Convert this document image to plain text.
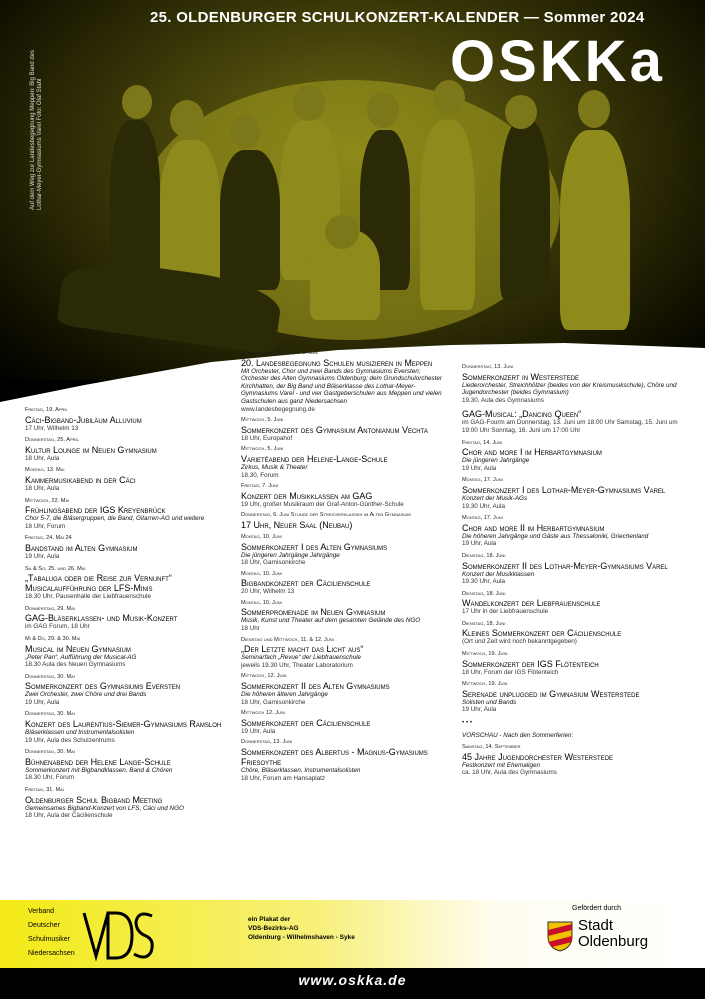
25. OLDENBURGER SCHULKONZERT-KALENDER — Sommer 2024
OSKKa
Auf dem Weg zur Landesbegegnung Meppen: Big Band des Lothar-Meyer-Gymnasiums Varel Foto: Olaf Stahl
Freitag, 19. April
Cäci-Bigband-Jubiläum Alluvium
17 Uhr, Wilhelm 13
Donnerstag, 25. April
Kultur Lounge im Neuen Gymnasium
18 Uhr, Aula
Montag, 13. Mai
Kammermusikabend in der Cäci
18 Uhr, Aula
Mittwoch, 22. Mai
Frühlingsabend der IGS Kreyenbrück
Chor 5-7, die Bläsergruppen, die Band, Gitarren-AG und weitere
18 Uhr, Forum
Freitag, 24. Mai 24
Bandstand im Alten Gymnasium
19 Uhr, Aula
Sa & So, 25. und 26. Mai
„Tabaluga oder die Reise zur Vernunft“ Musicalaufführung der LFS-Minis
18.30 Uhr, Pausenhalle der Liebfrauenschule
Donnerstag, 29. Mai
GAG-Bläserklassen- und Musik-Konzert
im GAG Forum, 18 Uhr
Mi & Do, 29. & 30. Mai
Musical im Neuen Gymnasium
„Peter Pan“, Aufführung der Musical-AG
18.30 Aula des Neuen Gymnasiums
Donnerstag, 30. Mai
Sommerkonzert des Gymnasiums Eversten
Zwei Orchester, zwei Chöre und drei Bands
19 Uhr, Aula
Donnerstag, 30. Mai
Konzert des Laurentius-Siemer-Gymnasiums Ramsloh
Bläserklassen und Instrumentalsolisten
19 Uhr, Aula des Schulzentrums
Donnerstag, 30. Mai
Bühnenabend der Helene Lange-Schule
Sommerkonzert mit Bigbandklassen, Band & Chören
18.30 Uhr, Forum
Freitag, 31. Mai
Oldenburger Schul Bigband Meeting
Gemeinsames Bigband-Konzert von LFS, Cäci und NGO
18 Uhr, Aula der Cäcilienschule
Montag bis Mittwoch, 3.-5. Juni
20. Landesbegegnung Schulen musizieren in Meppen
Mit Orchester, Chor und zwei Bands des Gymnasiums Eversten; Orchester des Alten Gymnasiums Oldenburg; dem Grundschulorchester Kirchhatten, der Big Band und Bläserklasse des Lothar-Meyer-Gymnasiums Varel - und vier Gastgeberschulen aus Meppen und vielen Gastschulen aus ganz Niedersachsen
www.landesbegegnung.de
Mittwoch, 5. Juni
Sommerkonzert des Gymnasium Antonianum Vechta
18 Uhr, Europahof
Mittwoch, 5. Juni
Varietéabend der Helene-Lange-Schule
Zirkus, Musik & Theater
18.30, Forum
Freitag, 7. Juni
Konzert der Musikklassen am GAG
19 Uhr, großer Musikraum der Graf-Anton-Günther-Schule
Donnerstag, 6. Juni Stunde der Streicherklassen im Alten Gymnasium
17 Uhr, Neuer Saal (Neubau)
Montag, 10. Juni
Sommerkonzert I des Alten Gymnasiums
Die jüngeren Jahrgänge Jahrgänge
18 Uhr, Garnisonkirche
Montag, 10. Juni
Bigbandkonzert der Cäcilienschule
20 Uhr, Wilhelm 13
Montag, 10. Juni
Sommerpromenade im Neuen Gymnasium
Musik, Kunst und Theater auf dem gesamten Gelände des NGO
18 Uhr
Dienstag und Mittwoch, 11. & 12. Juni
„Der Letzte macht das Licht aus“
Seminarfach „Revue“ der Liebfrauenschule
jeweils 19.30 Uhr, Theater Laboratorium
Mittwoch, 12. Juni
Sommerkonzert II des Alten Gymnasiums
Die höheren älteren Jahrgänge
18 Uhr, Garnisonkirche
Mittwoch 12. Juni
Sommerkonzert der Cäcilienschule
19 Uhr, Aula
Donnerstag, 13. Juni
Sommerkonzert des Albertus - Magnus-Gymasiums Friesoythe
Chöre, Bläserklassen, Instrumentalsolisten
18 Uhr, Forum am Hansaplatz
Donnerstag, 13. Juni
Sommerkonzert in Westerstede
Liederorchester, Streichhölzer (beides von der Kreismusikschule), Chöre und Jugendorchester (beides Gymnasium)
19.30, Aula des Gymnasiums
GAG-Musical: „Dancing Queen“
im GAG-Fourm am Donnerstag, 13. Juni um 18:00 Uhr Samstag, 15. Juni um 19:00 Uhr Sonntag, 16. Juni um 17:00 Uhr
Freitag, 14. Juni
Chor and more I im Herbartgymnasium
Die jüngeren Jahrgänge
19 Uhr, Aula
Montag, 17. Juni
Sommerkonzert I des Lothar-Meyer-Gymnasiums Varel
Konzert der Musik-AGs
19.30 Uhr, Aula
Montag, 17. Juni
Chor and more II im Herbartgymnasium
Die höheren Jahrgänge und Gäste aus Thessaloniki, Griechenland
19 Uhr, Aula
Dienstag, 18. Juni
Sommerkonzert II des Lothar-Meyer-Gymnasiums Varel
Konzert der Musikklassen
19.30 Uhr, Aula
Dienstag, 18. Juni
Wandelkonzert der Liebfrauenschule
17 Uhr in der Liebfrauenschule
Dienstag, 18. Juni
Kleines Sommerkonzert der Cäcilienschule
(Ort und Zeit wird noch bekanntgegeben)
Mittwoch, 19. Juni
Sommerkonzert der IGS Flötenteich
18 Uhr, Forum der IGS Flötenteich
Mittwoch, 19. Juni
Serenade unplugged im Gymnasium Westerstede
Solisten und Bands
19 Uhr, Aula
• • •
VORSCHAU - Nach den Sommerferien:
Samstag, 14. September
45 Jahre Jugendorchester Westerstede
Festkonzert mit Ehemaligen
ca. 18 Uhr, Aula des Gymnasiums
Verband
Deutscher
Schulmusiker
Niedersachsen
ein Plakat der
VDS-Bezirks-AG
Oldenburg - Wilhelmshaven - Syke
Gefördert durch
Stadt
Oldenburg
www.oskka.de
